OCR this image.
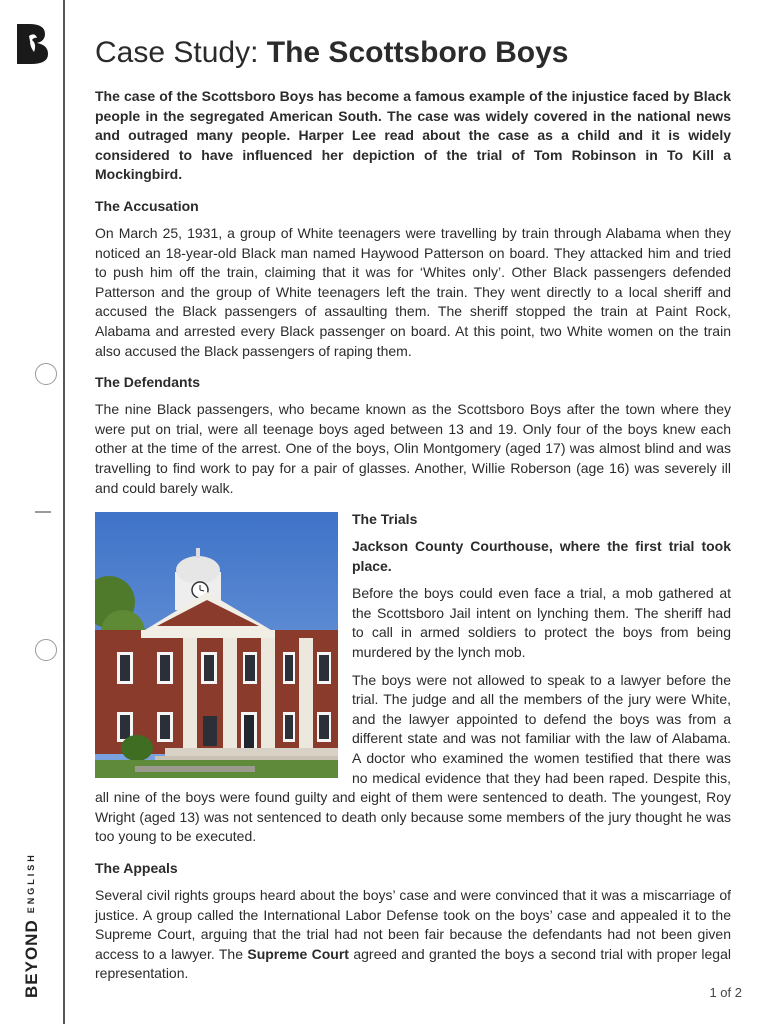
BEYONDENGLISH
Case Study: The Scottsboro Boys

The case of the Scottsboro Boys has become a famous example of the injustice faced by Black people in the segregated American South. The case was widely covered in the national news and outraged many people. Harper Lee read about the case as a child and it is widely considered to have influenced her depiction of the trial of Tom Robinson in To Kill a Mockingbird.

The Accusation

On March 25, 1931, a group of White teenagers were travelling by train through Alabama when they noticed an 18-year-old Black man named Haywood Patterson on board. They attacked him and tried to push him off the train, claiming that it was for ‘Whites only’. Other Black passengers defended Patterson and the group of White teenagers left the train. They went directly to a local sheriff and accused the Black passengers of assaulting them. The sheriff stopped the train at Paint Rock, Alabama and arrested every Black passenger on board. At this point, two White women on the train also accused the Black passengers of raping them.

The Defendants

The nine Black passengers, who became known as the Scottsboro Boys after the town where they were put on trial, were all teenage boys aged between 13 and 19. Only four of the boys knew each other at the time of the arrest. One of the boys, Olin Montgomery (aged 17) was almost blind and was travelling to find work to pay for a pair of glasses. Another, Willie Roberson (age 16) was severely ill and could barely walk.

The Trials

Jackson County Courthouse, where the first trial took place.

Before the boys could even face a trial, a mob gathered at the Scottsboro Jail intent on lynching them. The sheriff had to call in armed soldiers to protect the boys from being murdered by the lynch mob.

The boys were not allowed to speak to a lawyer before the trial. The judge and all the members of the jury were White, and the lawyer appointed to defend the boys was from a different state and was not familiar with the law of Alabama. A doctor who examined the women testified that there was no medical evidence that they had been raped. Despite this, all nine of the boys were found guilty and eight of them were sentenced to death. The youngest, Roy Wright (aged 13) was not sentenced to death only because some members of the jury thought he was too young to be executed.

The Appeals

Several civil rights groups heard about the boys’ case and were convinced that it was a miscarriage of justice. A group called the International Labor Defense took on the boys’ case and appealed it to the Supreme Court, arguing that the trial had not been fair because the defendants had not been given access to a lawyer. The Supreme Court agreed and granted the boys a second trial with proper legal representation.

1 of 2
